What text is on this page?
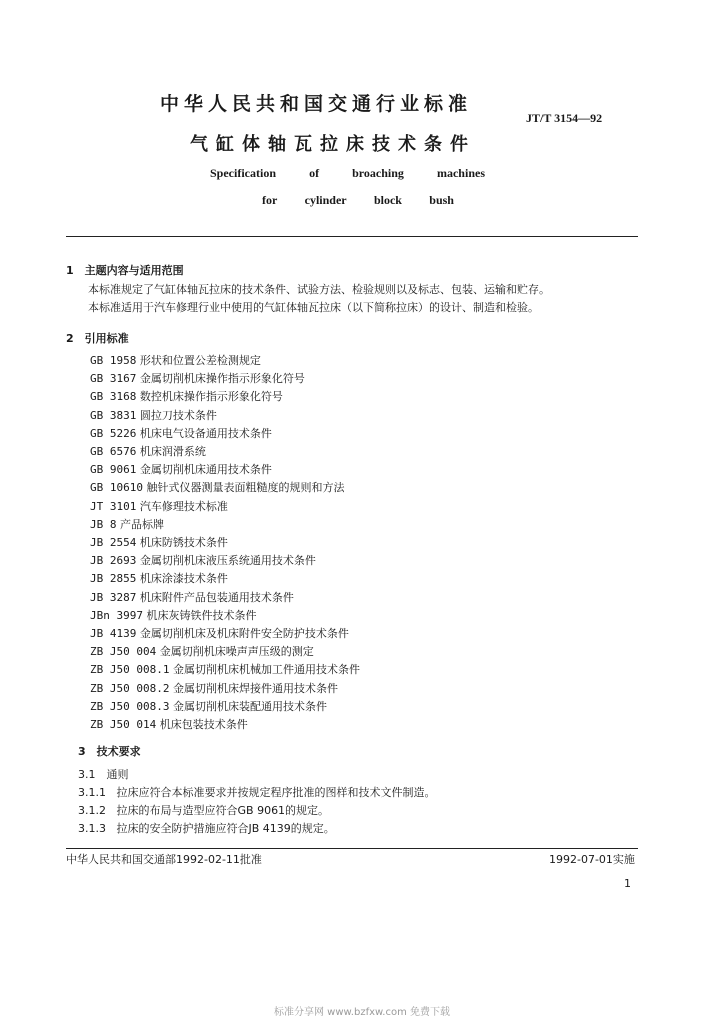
中华人民共和国交通行业标准
JT/T 3154—92
气缸体轴瓦拉床技术条件
Specification	of	broaching	machines
for cylinder block bush
1　主题内容与适用范围
本标准规定了气缸体轴瓦拉床的技术条件、试验方法、检验规则以及标志、包装、运输和贮存。
本标准适用于汽车修理行业中使用的气缸体轴瓦拉床（以下简称拉床）的设计、制造和检验。
2　引用标准
GB 1958 形状和位置公差检测规定
GB 3167 金属切削机床操作指示形象化符号
GB 3168 数控机床操作指示形象化符号
GB 3831 圆拉刀技术条件
GB 5226 机床电气设备通用技术条件
GB 6576 机床润滑系统
GB 9061 金属切削机床通用技术条件
GB 10610 触针式仪器测量表面粗糙度的规则和方法
JT 3101 汽车修理技术标准
JB 8 产品标牌
JB 2554 机床防锈技术条件
JB 2693 金属切削机床液压系统通用技术条件
JB 2855 机床涂漆技术条件
JB 3287 机床附件产品包装通用技术条件
JBn 3997 机床灰铸铁件技术条件
JB 4139 金属切削机床及机床附件安全防护技术条件
ZB J50 004 金属切削机床噪声声压级的测定
ZB J50 008.1 金属切削机床机械加工件通用技术条件
ZB J50 008.2 金属切削机床焊接件通用技术条件
ZB J50 008.3 金属切削机床装配通用技术条件
ZB J50 014 机床包装技术条件
3　技术要求
3.1　通则
3.1.1 拉床应符合本标准要求并按规定程序批准的图样和技术文件制造。
3.1.2 拉床的布局与造型应符合GB 9061的规定。
3.1.3 拉床的安全防护措施应符合JB 4139的规定。
中华人民共和国交通部1992-02-11批准	1992-07-01实施
1
标准分享网 www.bzfxw.com 免费下载
